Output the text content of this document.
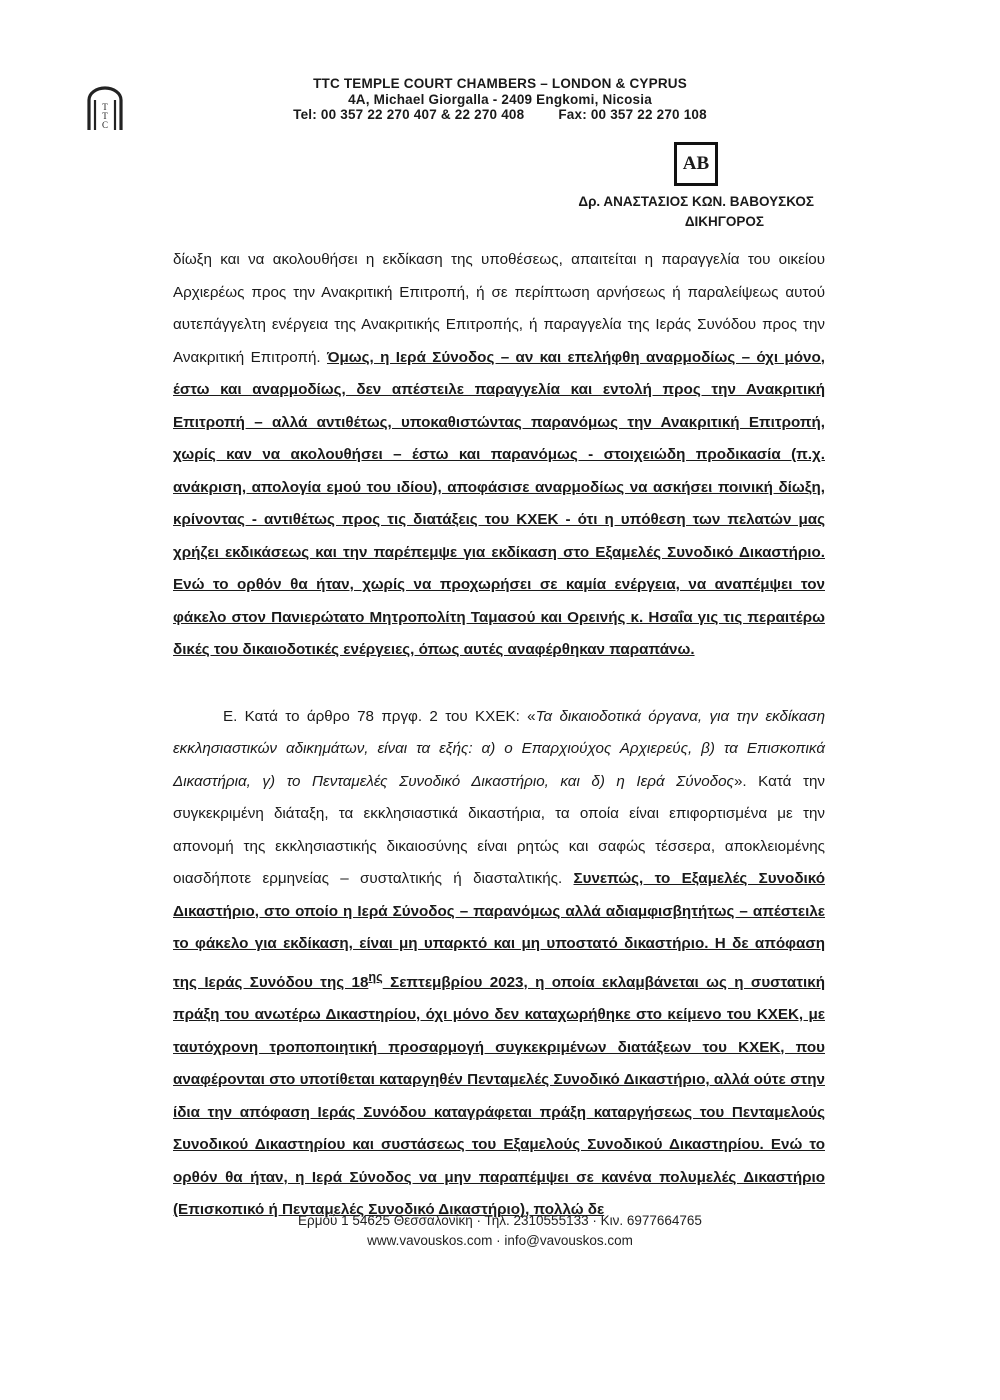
T
T
C
TTC TEMPLE COURT CHAMBERS – LONDON & CYPRUS
4A, Michael Giorgalla - 2409 Engkomi, Nicosia
Tel: 00 357 22 270 407 & 22 270 408	Fax: 00 357 22 270 108
AB
Δρ. ΑΝΑΣΤΑΣΙΟΣ ΚΩΝ. ΒΑΒΟΥΣΚΟΣ
ΔΙΚΗΓΟΡΟΣ

δίωξη και να ακολουθήσει η εκδίκαση της υποθέσεως, απαιτείται η παραγγελία του οικείου Αρχιερέως προς την Ανακριτική Επιτροπή, ή σε περίπτωση αρνήσεως ή παραλείψεως αυτού αυτεπάγγελτη ενέργεια της Ανακριτικής Επιτροπής, ή παραγγελία της Ιεράς Συνόδου προς την Ανακριτική Επιτροπή. Όμως, η Ιερά Σύνοδος – αν και επελήφθη αναρμοδίως – όχι μόνο, έστω και αναρμοδίως, δεν απέστειλε παραγγελία και εντολή προς την Ανακριτική Επιτροπή – αλλά αντιθέτως, υποκαθιστώντας παρανόμως την Ανακριτική Επιτροπή, χωρίς καν να ακολουθήσει – έστω και παρανόμως - στοιχειώδη προδικασία (π.χ. ανάκριση, απολογία εμού του ιδίου), αποφάσισε αναρμοδίως να ασκήσει ποινική δίωξη, κρίνοντας - αντιθέτως προς τις διατάξεις του ΚΧΕΚ - ότι η υπόθεση των πελατών μας χρήζει εκδικάσεως και την παρέπεμψε για εκδίκαση στο Εξαμελές Συνοδικό Δικαστήριο. Ενώ το ορθόν θα ήταν, χωρίς να προχωρήσει σε καμία ενέργεια, να αναπέμψει τον φάκελο στον Πανιερώτατο Μητροπολίτη Ταμασού και Ορεινής κ. Ησαΐα γις τις περαιτέρω δικές του δικαιοδοτικές ενέργειες, όπως αυτές αναφέρθηκαν παραπάνω.

Ε. Κατά το άρθρο 78 πργφ. 2 του ΚΧΕΚ: «Τα δικαιοδοτικά όργανα, για την εκδίκαση εκκλησιαστικών αδικημάτων, είναι τα εξής: α) ο Επαρχιούχος Αρχιερεύς, β) τα Επισκοπικά Δικαστήρια, γ) το Πενταμελές Συνοδικό Δικαστήριο, και δ) η Ιερά Σύνοδος». Κατά την συγκεκριμένη διάταξη, τα εκκλησιαστικά δικαστήρια, τα οποία είναι επιφορτισμένα με την απονομή της εκκλησιαστικής δικαιοσύνης είναι ρητώς και σαφώς τέσσερα, αποκλειομένης οιασδήποτε ερμηνείας – συσταλτικής ή διασταλτικής. Συνεπώς, το Εξαμελές Συνοδικό Δικαστήριο, στο οποίο η Ιερά Σύνοδος – παρανόμως αλλά αδιαμφισβητήτως – απέστειλε το φάκελο για εκδίκαση, είναι μη υπαρκτό και μη υποστατό δικαστήριο. Η δε απόφαση της Ιεράς Συνόδου της $18^{\eta\varsigma}$ Σεπτεμβρίου 2023, η οποία εκλαμβάνεται ως η συστατική πράξη του ανωτέρω Δικαστηρίου, όχι μόνο δεν καταχωρήθηκε στο κείμενο του ΚΧΕΚ, με ταυτόχρονη τροποποιητική προσαρμογή συγκεκριμένων διατάξεων του ΚΧΕΚ, που αναφέρονται στο υποτίθεται καταργηθέν Πενταμελές Συνοδικό Δικαστήριο, αλλά ούτε στην ίδια την απόφαση Ιεράς Συνόδου καταγράφεται πράξη καταργήσεως του Πενταμελούς Συνοδικού Δικαστηρίου και συστάσεως του Εξαμελούς Συνοδικού Δικαστηρίου. Ενώ το ορθόν θα ήταν, η Ιερά Σύνοδος να μην παραπέμψει σε κανένα πολυμελές Δικαστήριο (Επισκοπικό ή Πενταμελές Συνοδικό Δικαστήριο), πολλώ δε

Ερμού 1 54625 Θεσσαλονίκη · Τηλ. 2310555133 · Κιν. 6977664765
www.vavouskos.com · info@vavouskos.com
